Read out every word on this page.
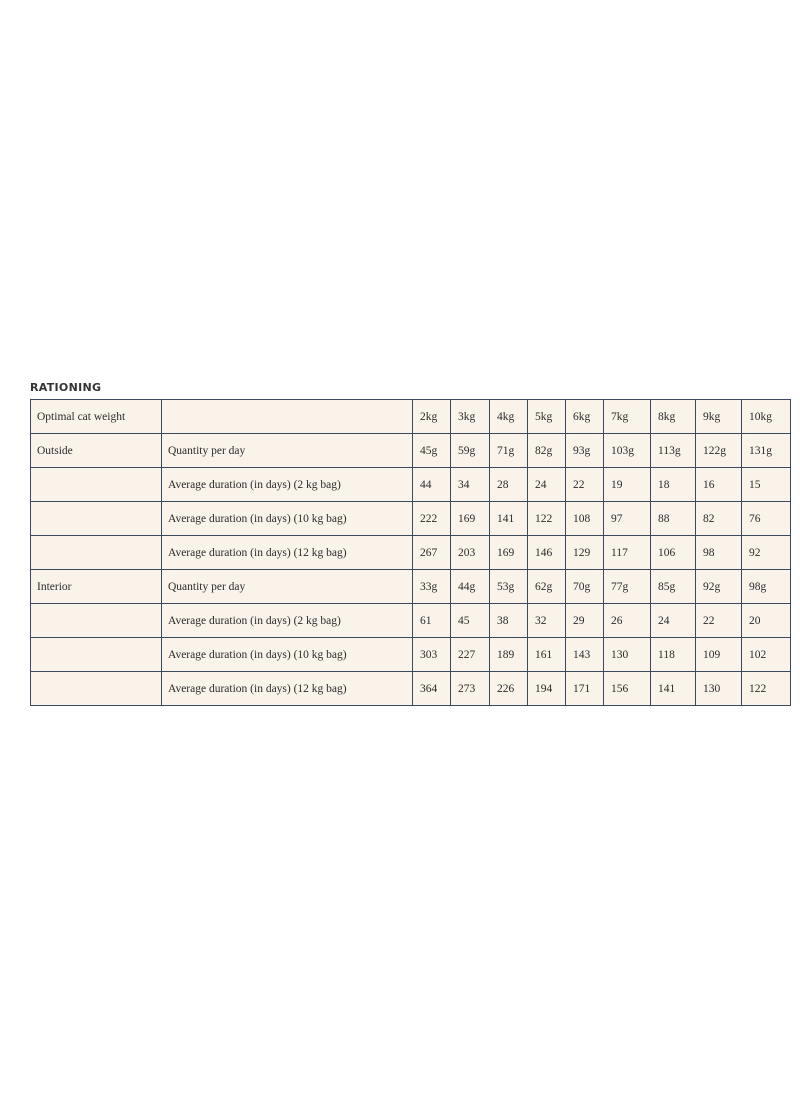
RATIONING
Optimal cat weight		2kg	3kg	4kg	5kg	6kg	7kg	8kg	9kg	10kg
Outside	Quantity per day	45g	59g	71g	82g	93g	103g	113g	122g	131g
	Average duration (in days) (2 kg bag)	44	34	28	24	22	19	18	16	15
	Average duration (in days) (10 kg bag)	222	169	141	122	108	97	88	82	76
	Average duration (in days) (12 kg bag)	267	203	169	146	129	117	106	98	92
Interior	Quantity per day	33g	44g	53g	62g	70g	77g	85g	92g	98g
	Average duration (in days) (2 kg bag)	61	45	38	32	29	26	24	22	20
	Average duration (in days) (10 kg bag)	303	227	189	161	143	130	118	109	102
	Average duration (in days) (12 kg bag)	364	273	226	194	171	156	141	130	122
